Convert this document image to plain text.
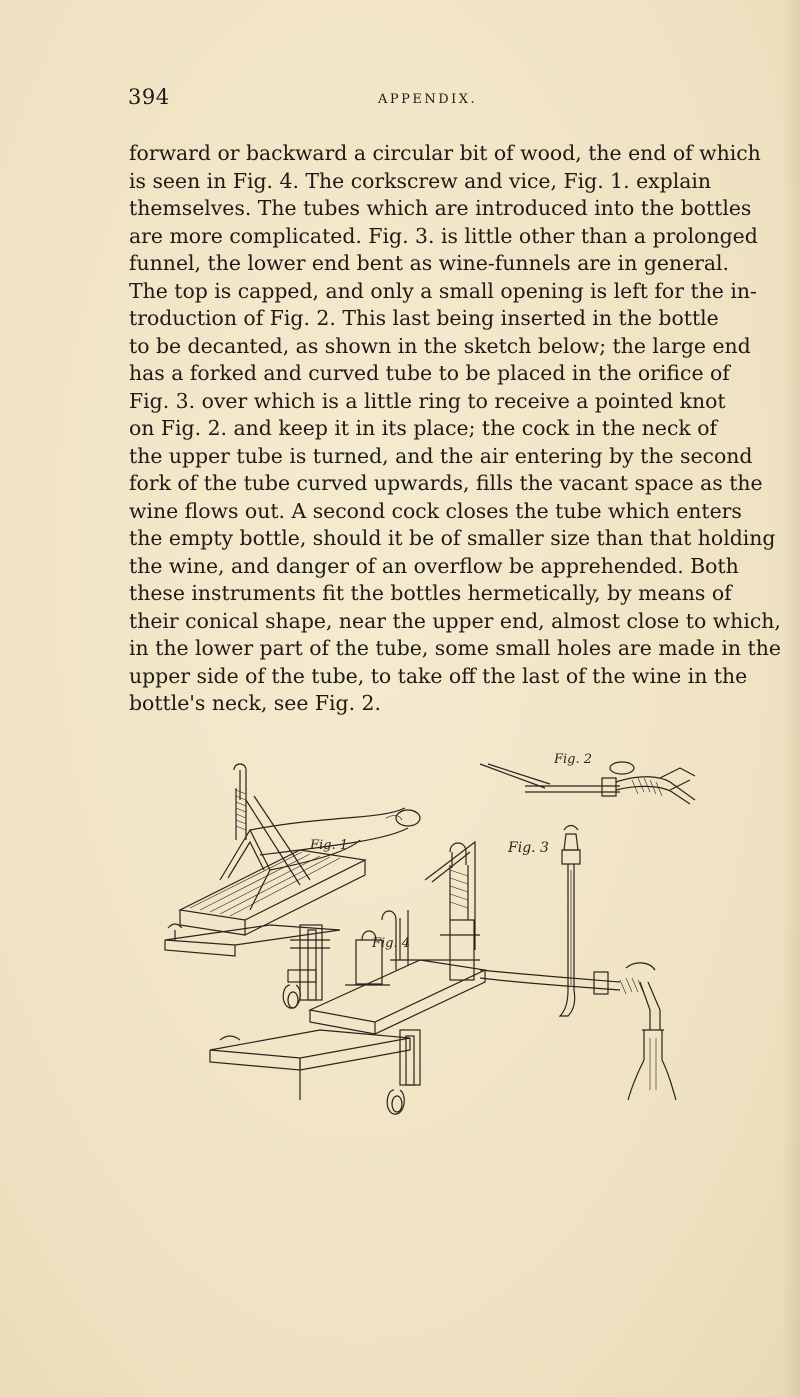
394	APPENDIX.
forward or backward a circular bit of wood, the end of which
is seen in Fig. 4. The corkscrew and vice, Fig. 1. explain
themselves. The tubes which are introduced into the bottles
are more complicated. Fig. 3. is little other than a prolonged
funnel, the lower end bent as wine-funnels are in general.
The top is capped, and only a small opening is left for the in-
troduction of Fig. 2. This last being inserted in the bottle
to be decanted, as shown in the sketch below; the large end
has a forked and curved tube to be placed in the orifice of
Fig. 3. over which is a little ring to receive a pointed knot
on Fig. 2. and keep it in its place; the cock in the neck of
the upper tube is turned, and the air entering by the second
fork of the tube curved upwards, fills the vacant space as the
wine flows out. A second cock closes the tube which enters
the empty bottle, should it be of smaller size than that holding
the wine, and danger of an overflow be apprehended. Both
these instruments fit the bottles hermetically, by means of
their conical shape, near the upper end, almost close to which,
in the lower part of the tube, some small holes are made in the
upper side of the tube, to take off the last of the wine in the
bottle's neck, see Fig. 2.
Fig. 1
Fig. 2
Fig. 3
Fig. 4
